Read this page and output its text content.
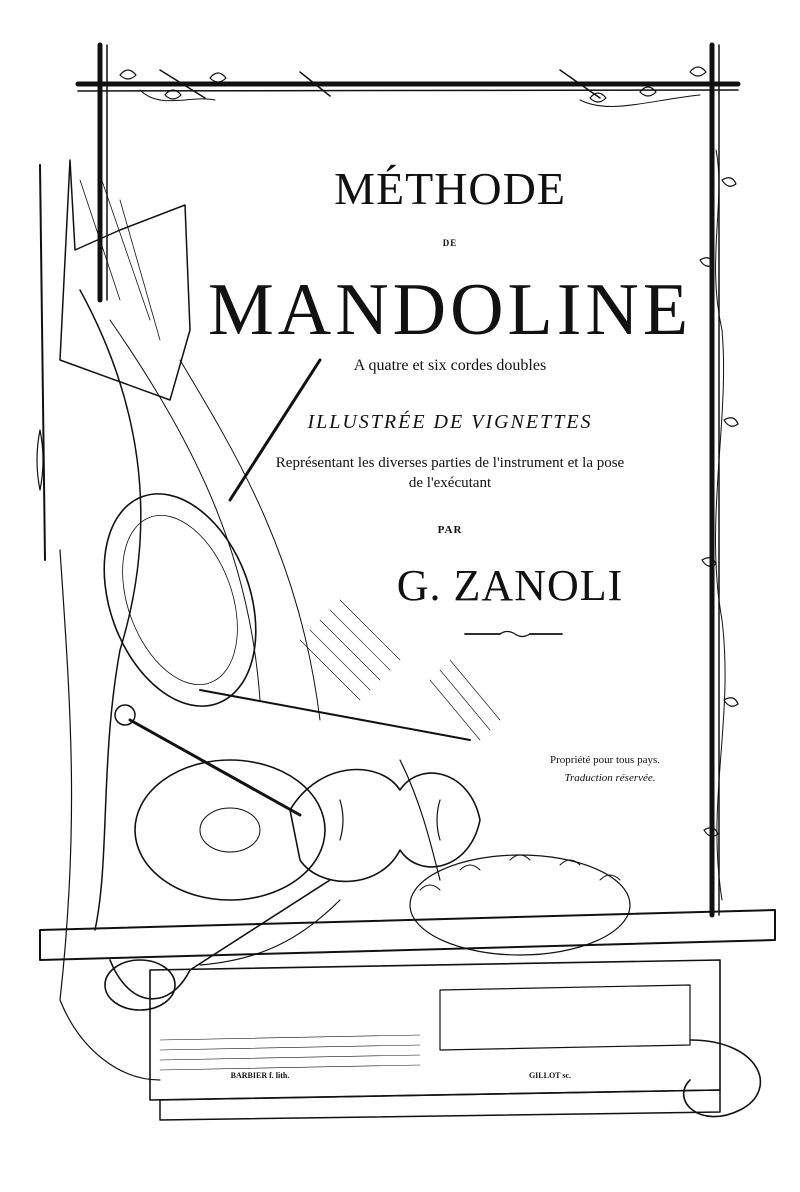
MÉTHODE
DE
MANDOLINE
A quatre et six cordes doubles
ILLUSTRÉE DE VIGNETTES
Représentant les diverses parties de l'instrument et la pose
de l'exécutant
PAR
G. ZANOLI
Propriété pour tous pays.
Traduction réservée.
BARBIER f. lith.	GILLOT sc.
